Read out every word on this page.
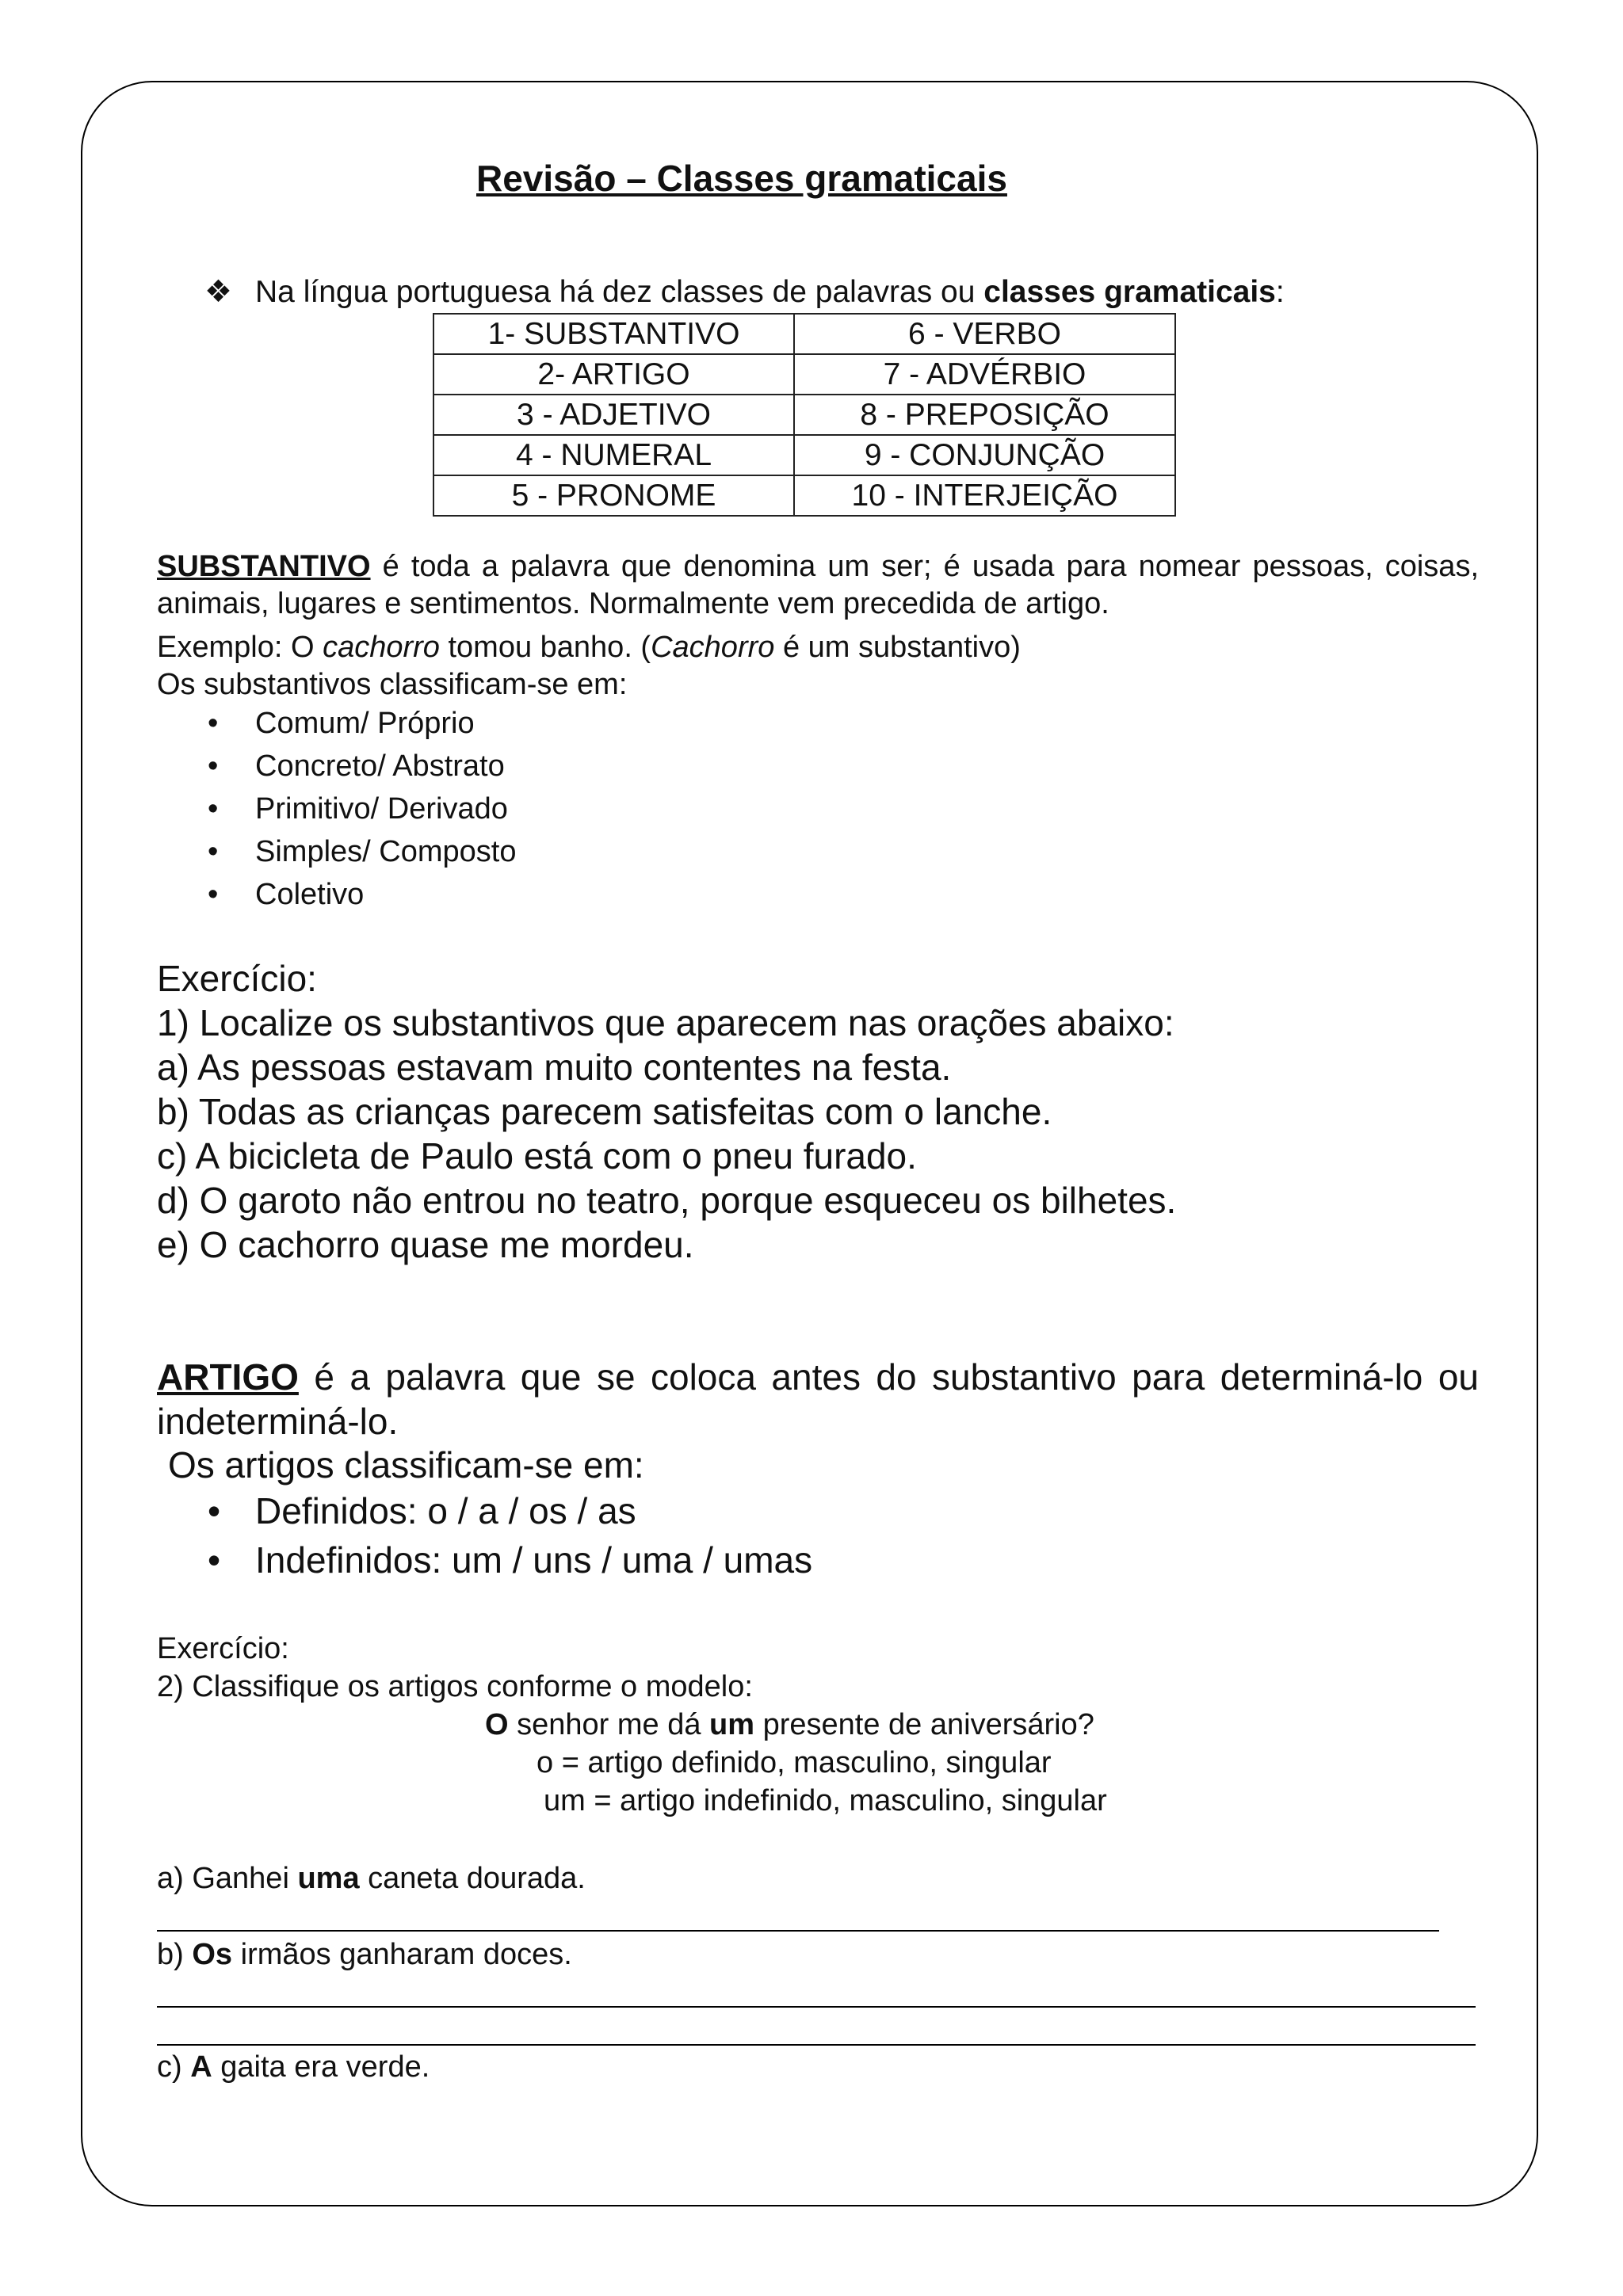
Revisão – Classes gramaticais
❖ Na língua portuguesa há dez classes de palavras ou classes gramaticais:
1- SUBSTANTIVO	6 - VERBO
2- ARTIGO	7 - ADVÉRBIO
3 - ADJETIVO	8 - PREPOSIÇÃO
4 - NUMERAL	9 - CONJUNÇÃO
5 - PRONOME	10 - INTERJEIÇÃO
SUBSTANTIVO é toda a palavra que denomina um ser; é usada para nomear pessoas, coisas, animais, lugares e sentimentos. Normalmente vem precedida de artigo.
Exemplo: O cachorro tomou banho. (Cachorro é um substantivo)
Os substantivos classificam-se em:
• Comum/ Próprio
• Concreto/ Abstrato
• Primitivo/ Derivado
• Simples/ Composto
• Coletivo
Exercício:
1) Localize os substantivos que aparecem nas orações abaixo:
a) As pessoas estavam muito contentes na festa.
b) Todas as crianças parecem satisfeitas com o lanche.
c) A bicicleta de Paulo está com o pneu furado.
d) O garoto não entrou no teatro, porque esqueceu os bilhetes.
e) O cachorro quase me mordeu.
ARTIGO é a palavra que se coloca antes do substantivo para determiná-lo ou indeterminá-lo.
Os artigos classificam-se em:
• Definidos: o / a / os / as
• Indefinidos: um / uns / uma / umas
Exercício:
2) Classifique os artigos conforme o modelo:
O senhor me dá um presente de aniversário?
o = artigo definido, masculino, singular
um = artigo indefinido, masculino, singular
a) Ganhei uma caneta dourada.
b) Os irmãos ganharam doces.
c) A gaita era verde.
